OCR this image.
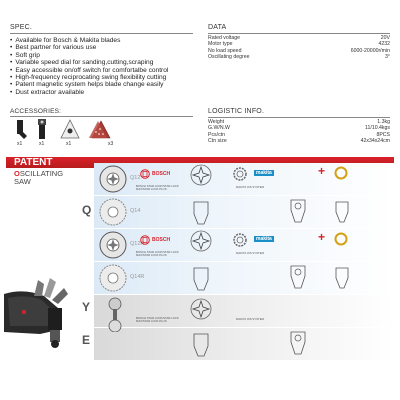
SPEC.
• Available for Bosch & Makita blades
• Best partner for various use
• Soft grip
• Variable speed dial for sanding,cutting,scraping
• Easy accessible on/off switch for comfortalbe control
• High-frequency reciprocating swing flexibility cutting
• Patent magnetic system helps blade change easily
• Dust extractor available
ACCESSORIES:
x1	x1	x1	x3
DATA
Rated voltage	20V
Motor type	4232
No load speed	6000-20000r/min
Oscillating degree	3°
LOGISTIC INFO.
Weight	1.3kg
G.W/N.W	11/10.4kgs
Pcs/ctn	8PCS
Ctn size	42x34x24cm
PATENT
OSCILLATING
SAW
Q
Y
E
Q12
Q14
Q12R
Q14R
BOSCH
BOSCH STAR LOCK/STAR LOCK
MAX/STAR LOCK PLUS
BOSCH
BOSCH STAR LOCK/STAR LOCK
MAX/STAR LOCK PLUS
BOSCH STAR LOCK/STAR LOCK
MAX/STAR LOCK PLUS
makita
MAKITA OIS SYSTEM
makita
MAKITA OIS SYSTEM
MAKITA OIS SYSTEM
+
+
